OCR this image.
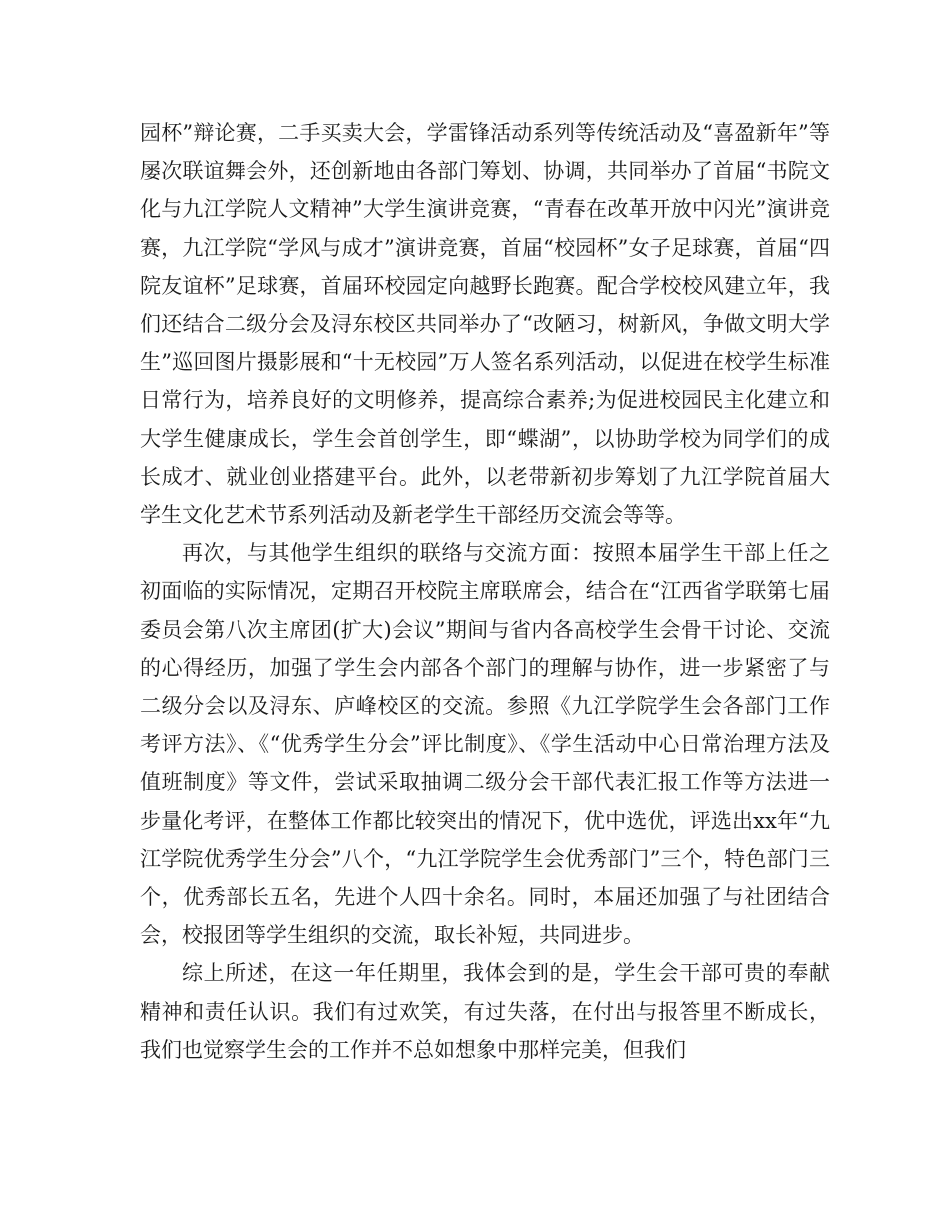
园杯”辩论赛，二手买卖大会，学雷锋活动系列等传统活动及“喜盈新年”等屡次联谊舞会外，还创新地由各部门筹划、协调，共同举办了首届“书院文化与九江学院人文精神”大学生演讲竞赛，“青春在改革开放中闪光”演讲竞赛，九江学院“学风与成才”演讲竞赛，首届“校园杯”女子足球赛，首届“四院友谊杯”足球赛，首届环校园定向越野长跑赛。配合学校校风建立年，我们还结合二级分会及浔东校区共同举办了“改陋习，树新风，争做文明大学生”巡回图片摄影展和“十无校园”万人签名系列活动，以促进在校学生标准日常行为，培养良好的文明修养，提高综合素养;为促进校园民主化建立和大学生健康成长，学生会首创学生，即“蝶湖”，以协助学校为同学们的成长成才、就业创业搭建平台。此外，以老带新初步筹划了九江学院首届大学生文化艺术节系列活动及新老学生干部经历交流会等等。

再次，与其他学生组织的联络与交流方面：按照本届学生干部上任之初面临的实际情况，定期召开校院主席联席会，结合在“江西省学联第七届委员会第八次主席团(扩大)会议”期间与省内各高校学生会骨干讨论、交流的心得经历，加强了学生会内部各个部门的理解与协作，进一步紧密了与二级分会以及浔东、庐峰校区的交流。参照《九江学院学生会各部门工作考评方法》、《“优秀学生分会”评比制度》、《学生活动中心日常治理方法及值班制度》等文件，尝试采取抽调二级分会干部代表汇报工作等方法进一步量化考评，在整体工作都比较突出的情况下，优中选优，评选出xx年“九江学院优秀学生分会”八个，“九江学院学生会优秀部门”三个，特色部门三个，优秀部长五名，先进个人四十余名。同时，本届还加强了与社团结合会，校报团等学生组织的交流，取长补短，共同进步。

综上所述，在这一年任期里，我体会到的是，学生会干部可贵的奉献精神和责任认识。我们有过欢笑，有过失落，在付出与报答里不断成长，我们也觉察学生会的工作并不总如想象中那样完美，但我们
